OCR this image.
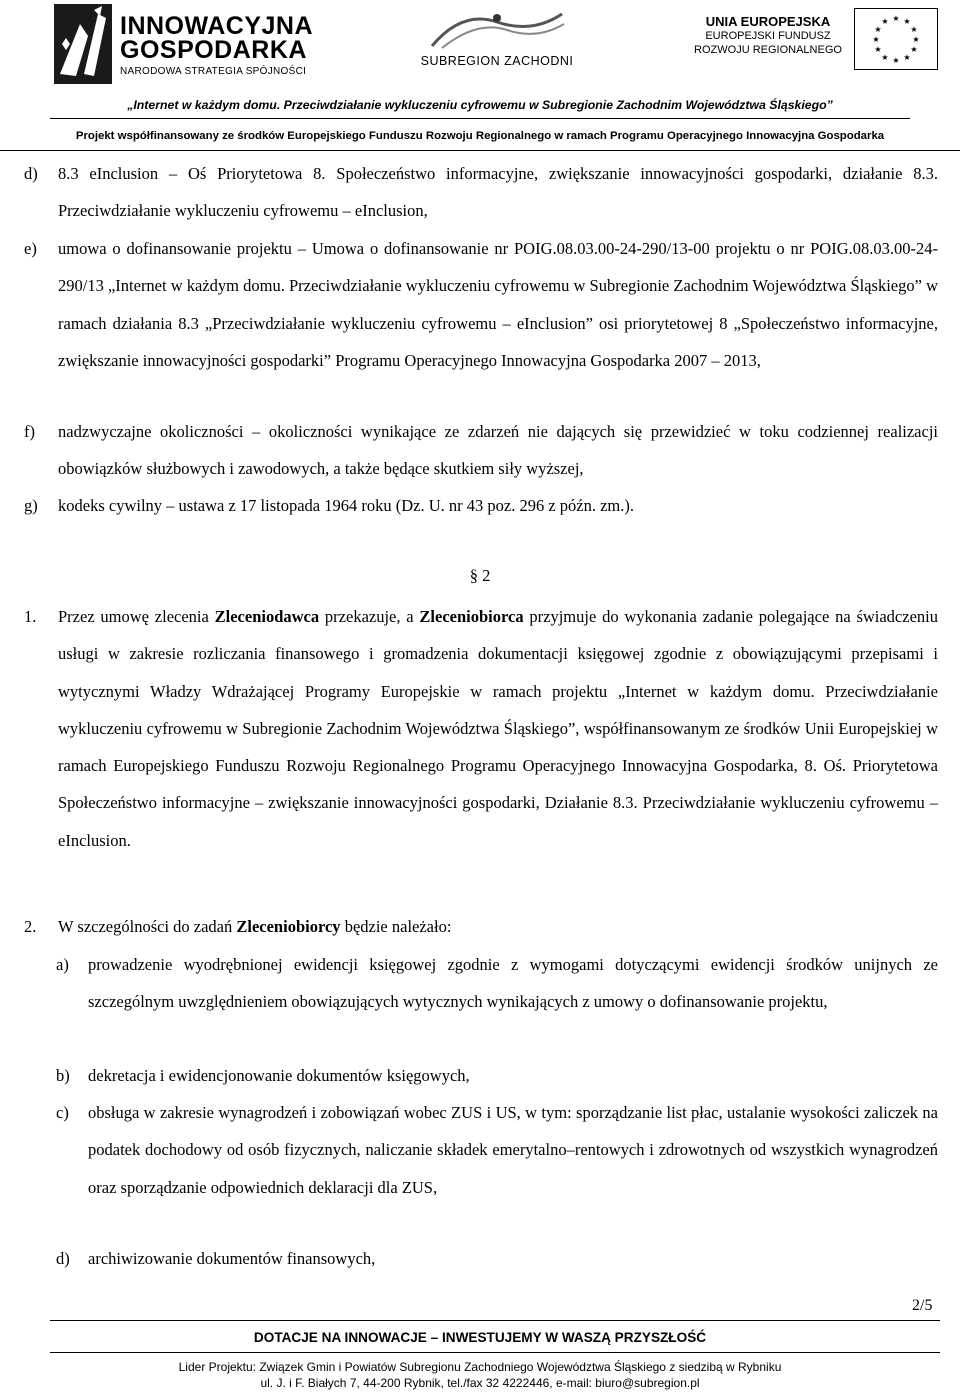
INNOWACYJNA
GOSPODARKA
NARODOWA STRATEGIA SPÓJNOŚCI
SUBREGION ZACHODNI
UNIA EUROPEJSKA
EUROPEJSKI FUNDUSZ
ROZWOJU REGIONALNEGO
★ ★
★
★
★
★
★
★
★
★
★
★
„Internet w każdym domu. Przeciwdziałanie wykluczeniu cyfrowemu w Subregionie Zachodnim Województwa Śląskiego”
Projekt współfinansowany ze środków Europejskiego Funduszu Rozwoju Regionalnego w ramach Programu Operacyjnego Innowacyjna Gospodarka
d) 8.3 eInclusion – Oś Priorytetowa 8. Społeczeństwo informacyjne, zwiększanie innowacyjności gospodarki, działanie 8.3. Przeciwdziałanie wykluczeniu cyfrowemu – eInclusion,
e) umowa o dofinansowanie projektu – Umowa o dofinansowanie nr POIG.08.03.00-24-290/13-00 projektu o nr POIG.08.03.00-24-290/13 „Internet w każdym domu. Przeciwdziałanie wykluczeniu cyfrowemu w Subregionie Zachodnim Województwa Śląskiego” w ramach działania 8.3 „Przeciwdziałanie wykluczeniu cyfrowemu – eInclusion” osi priorytetowej 8 „Społeczeństwo informacyjne, zwiększanie innowacyjności gospodarki” Programu Operacyjnego Innowacyjna Gospodarka 2007 – 2013,
f) nadzwyczajne okoliczności – okoliczności wynikające ze zdarzeń nie dających się przewidzieć w toku codziennej realizacji obowiązków służbowych i zawodowych, a także będące skutkiem siły wyższej,
g) kodeks cywilny – ustawa z 17 listopada 1964 roku (Dz. U. nr 43 poz. 296 z późn. zm.).
§ 2
1. Przez umowę zlecenia Zleceniodawca przekazuje, a Zleceniobiorca przyjmuje do wykonania zadanie polegające na świadczeniu usługi w zakresie rozliczania finansowego i gromadzenia dokumentacji księgowej zgodnie z obowiązującymi przepisami i wytycznymi Władzy Wdrażającej Programy Europejskie w ramach projektu „Internet w każdym domu. Przeciwdziałanie wykluczeniu cyfrowemu w Subregionie Zachodnim Województwa Śląskiego”, współfinansowanym ze środków Unii Europejskiej w ramach Europejskiego Funduszu Rozwoju Regionalnego Programu Operacyjnego Innowacyjna Gospodarka, 8. Oś. Priorytetowa Społeczeństwo informacyjne – zwiększanie innowacyjności gospodarki, Działanie 8.3. Przeciwdziałanie wykluczeniu cyfrowemu – eInclusion.
2. W szczególności do zadań Zleceniobiorcy będzie należało:
a) prowadzenie wyodrębnionej ewidencji księgowej zgodnie z wymogami dotyczącymi ewidencji środków unijnych ze szczególnym uwzględnieniem obowiązujących wytycznych wynikających z umowy o dofinansowanie projektu,
b) dekretacja i ewidencjonowanie dokumentów księgowych,
c) obsługa w zakresie wynagrodzeń i zobowiązań wobec ZUS i US, w tym: sporządzanie list płac, ustalanie wysokości zaliczek na podatek dochodowy od osób fizycznych, naliczanie składek emerytalno–rentowych i zdrowotnych od wszystkich wynagrodzeń oraz sporządzanie odpowiednich deklaracji dla ZUS,
d) archiwizowanie dokumentów finansowych,
2/5
DOTACJE NA INNOWACJE – INWESTUJEMY W WASZĄ PRZYSZŁOŚĆ
Lider Projektu: Związek Gmin i Powiatów Subregionu Zachodniego Województwa Śląskiego z siedzibą w Rybniku
ul. J. i F. Białych 7, 44-200 Rybnik, tel./fax 32 4222446, e-mail: biuro@subregion.pl
